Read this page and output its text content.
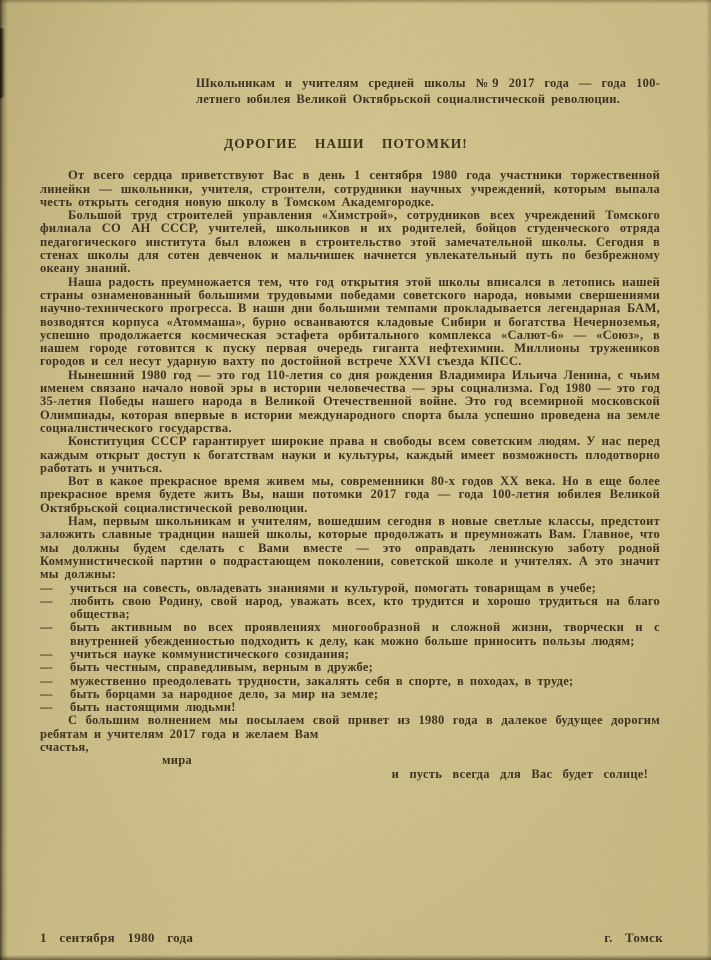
Школьникам и учителям средней школы №9 2017 года — года 100-летнего юбилея Великой Октябрьской социалистической революции.

ДОРОГИЕ НАШИ ПОТОМКИ!

От всего сердца приветствуют Вас в день 1 сентября 1980 года участники торжественной линейки — школьники, учителя, строители, сотрудники научных учреждений, которым выпала честь открыть сегодня новую школу в Томском Академгородке.

Большой труд строителей управления «Химстрой», сотрудников всех учреждений Томского филиала СО АН СССР, учителей, школьников и их родителей, бойцов студенческого отряда педагогического института был вложен в строительство этой замечательной школы. Сегодня в стенах школы для сотен девченок и мальчишек начнется увлекательный путь по безбрежному океану знаний.

Наша радость преумножается тем, что год открытия этой школы вписался в летопись нашей страны ознаменованный большими трудовыми победами советского народа, новыми свершениями научно-технического прогресса. В наши дни большими темпами прокладывается легендарная БАМ, возводятся корпуса «Атоммаша», бурно осваиваются кладовые Сибири и богатства Нечерноземья, успешно продолжается космическая эстафета орбитального комплекса «Салют-6» — «Союз», в нашем городе готовится к пуску первая очередь гиганта нефтехимии. Миллионы тружеников городов и сел несут ударную вахту по достойной встрече XXVI съезда КПСС.

Нынешний 1980 год — это год 110-летия со дня рождения Владимира Ильича Ленина, с чьим именем связано начало новой эры в истории человечества — эры социализма. Год 1980 — это год 35-летия Победы нашего народа в Великой Отечественной войне. Это год всемирной московской Олимпиады, которая впервые в истории международного спорта была успешно проведена на земле социалистического государства.

Конституция СССР гарантирует широкие права и свободы всем советским людям. У нас перед каждым открыт доступ к богатствам науки и культуры, каждый имеет возможность плодотворно работать и учиться.

Вот в какое прекрасное время живем мы, современники 80-х годов XX века. Но в еще более прекрасное время будете жить Вы, наши потомки 2017 года — года 100-летия юбилея Великой Октябрьской социалистической революции.

Нам, первым школьникам и учителям, вошедшим сегодня в новые светлые классы, предстоит заложить славные традиции нашей школы, которые продолжать и преумножать Вам. Главное, что мы должны будем сделать с Вами вместе — это оправдать ленинскую заботу родной Коммунистической партии о подрастающем поколении, советской школе и учителях. А это значит мы должны:

—	учиться на совесть, овладевать знаниями и культурой, помогать товарищам в учебе;
—	любить свою Родину, свой народ, уважать всех, кто трудится и хорошо трудиться на благо общества;
—	быть активным во всех проявлениях многообразной и сложной жизни, творчески и с внутренней убежденностью подходить к делу, как можно больше приносить пользы людям;
—	учиться науке коммунистического созидания;
—	быть честным, справедливым, верным в дружбе;
—	мужественно преодолевать трудности, закалять себя в спорте, в походах, в труде;
—	быть борцами за народное дело, за мир на земле;
—	быть настоящими людьми!

С большим волнением мы посылаем свой привет из 1980 года в далекое будущее дорогим ребятам и учителям 2017 года и желаем Вам

счастья,
мира
и пусть всегда для Вас будет солнце!
1 сентября 1980 года	г. Томск
